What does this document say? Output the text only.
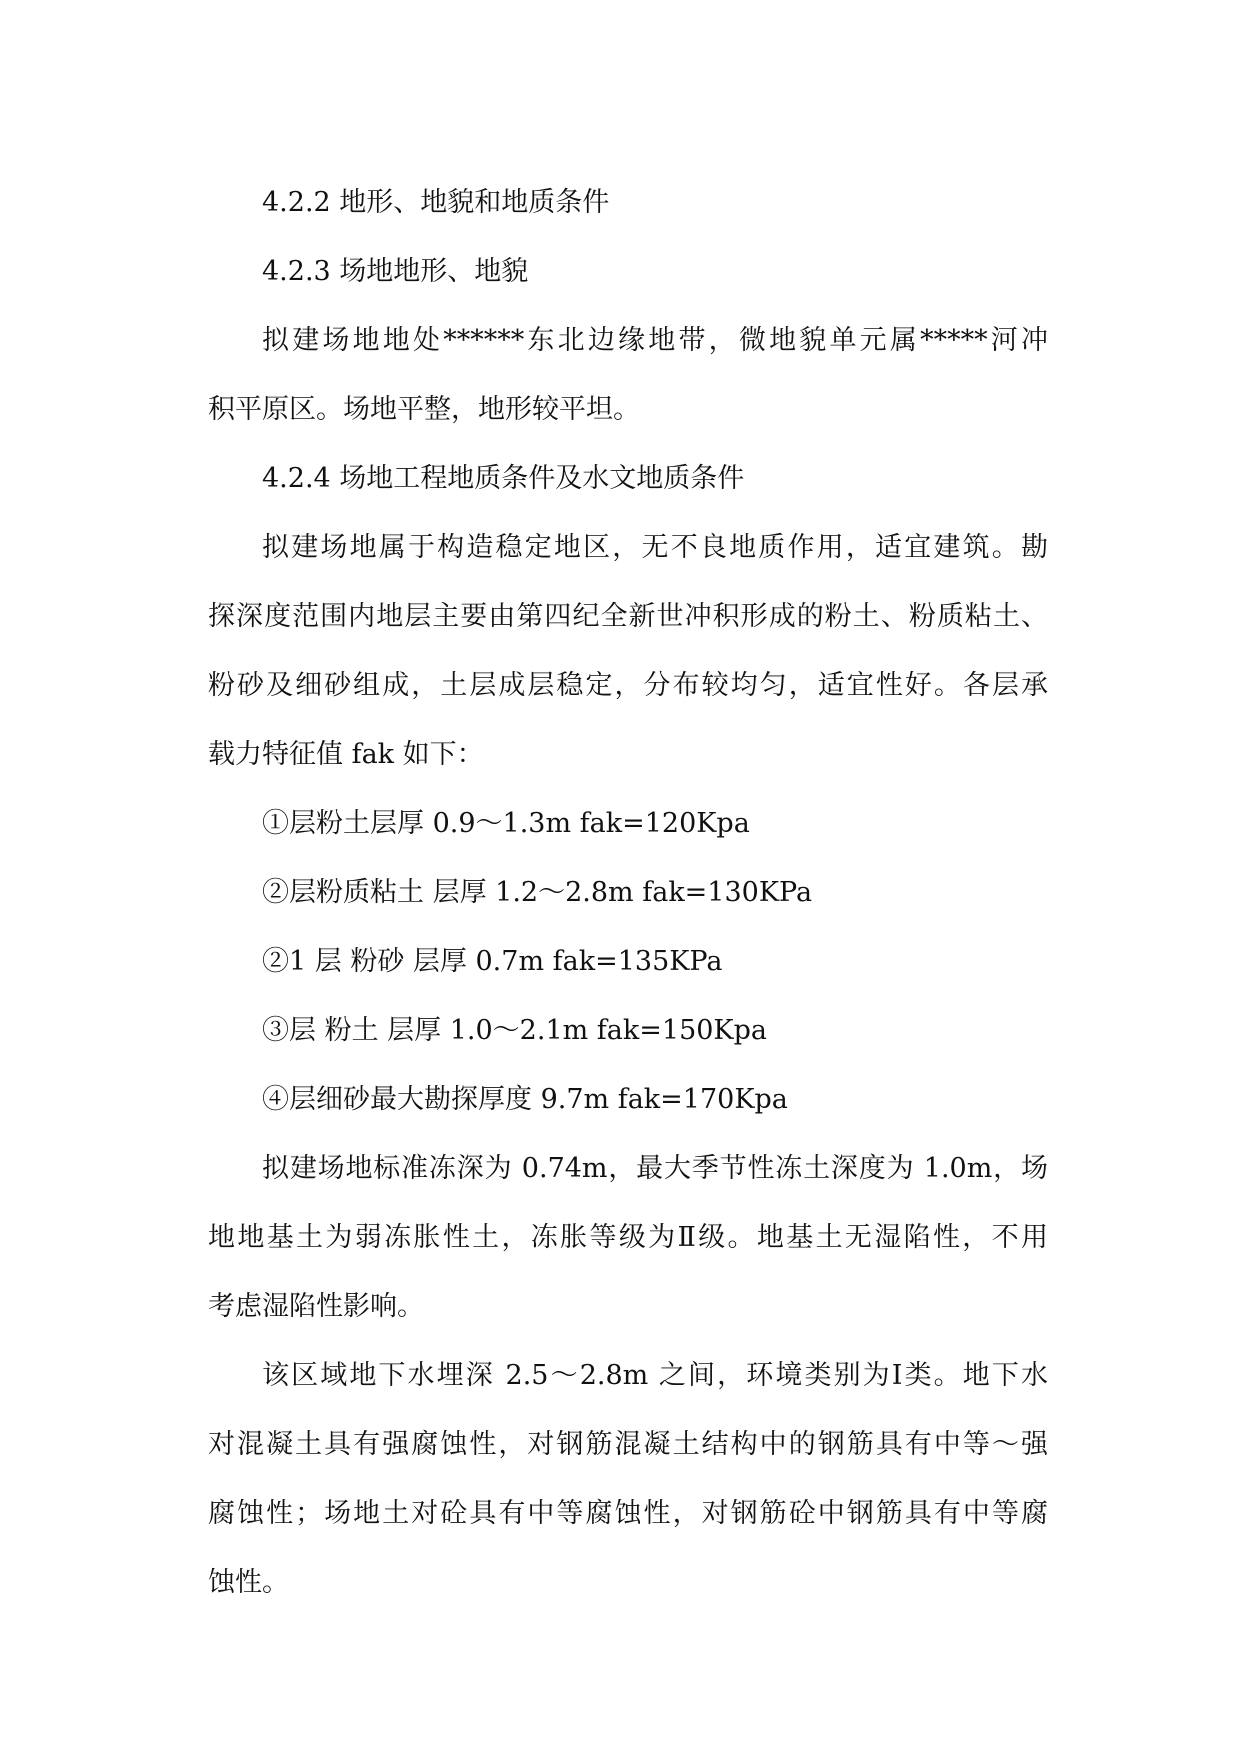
4.2.2 地形、地貌和地质条件
4.2.3 场地地形、地貌
拟建场地地处******东北边缘地带，微地貌单元属*****河冲
积平原区。场地平整，地形较平坦。
4.2.4 场地工程地质条件及水文地质条件
拟建场地属于构造稳定地区，无不良地质作用，适宜建筑。勘
探深度范围内地层主要由第四纪全新世冲积形成的粉土、粉质粘土、
粉砂及细砂组成，土层成层稳定，分布较均匀，适宜性好。各层承
载力特征值 fak 如下：
①层粉土层厚 0.9～1.3m fak=120Kpa
②层粉质粘土 层厚 1.2～2.8m fak=130KPa
②1 层 粉砂 层厚 0.7m fak=135KPa
③层 粉土 层厚 1.0～2.1m fak=150Kpa
④层细砂最大勘探厚度 9.7m fak=170Kpa
拟建场地标准冻深为 0.74m，最大季节性冻土深度为 1.0m，场
地地基土为弱冻胀性土，冻胀等级为Ⅱ级。地基土无湿陷性，不用
考虑湿陷性影响。
该区域地下水埋深 2.5～2.8m 之间，环境类别为Ⅰ类。地下水
对混凝土具有强腐蚀性，对钢筋混凝土结构中的钢筋具有中等～强
腐蚀性；场地土对砼具有中等腐蚀性，对钢筋砼中钢筋具有中等腐
蚀性。
